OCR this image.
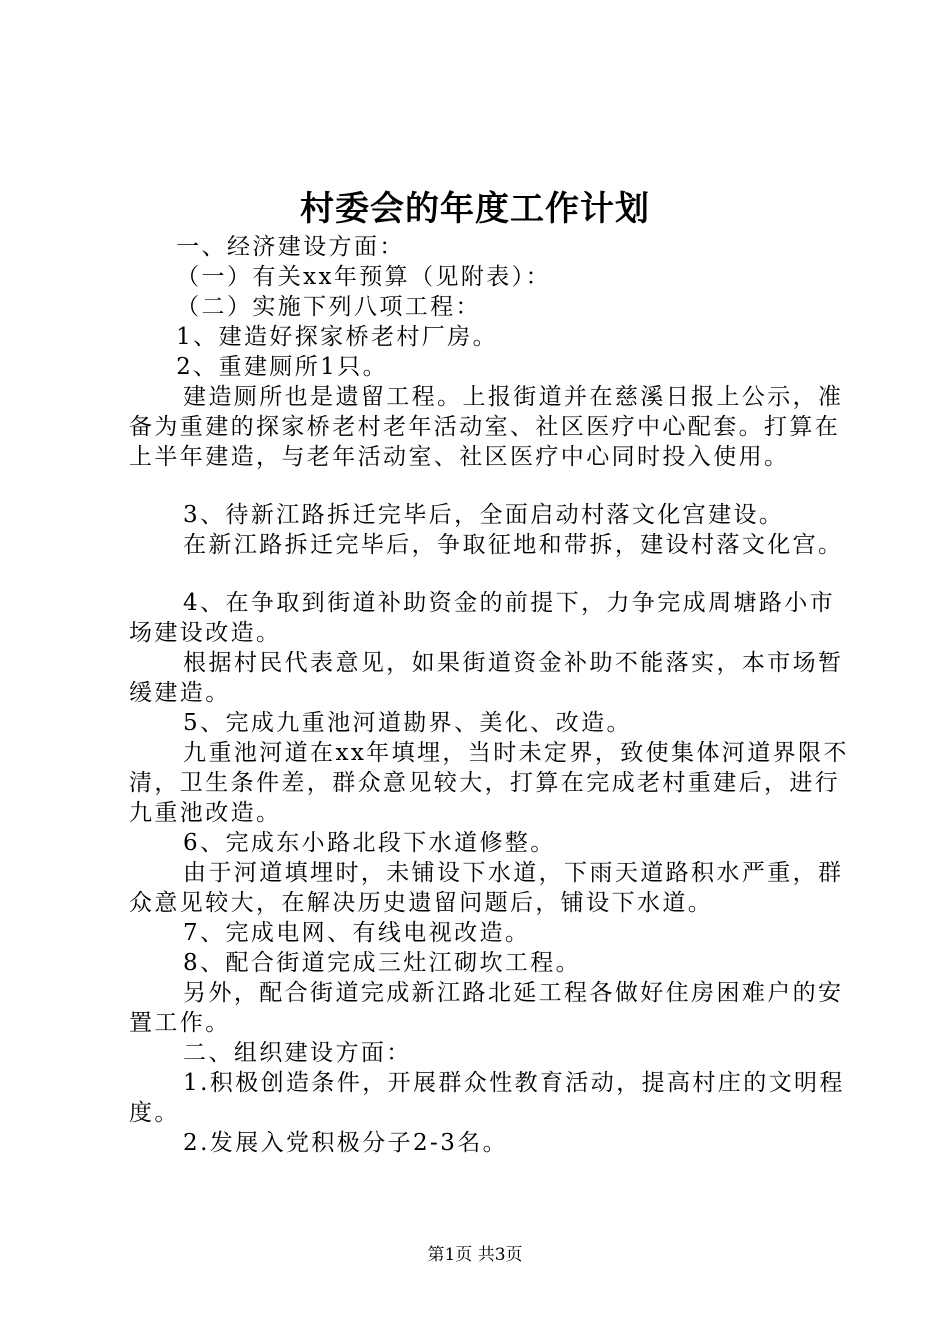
村委会的年度工作计划

一、经济建设方面：

（一）有关xx年预算（见附表）：

（二）实施下列八项工程：

1、建造好探家桥老村厂房。

2、重建厕所1只。

建造厕所也是遗留工程。上报街道并在慈溪日报上公示，准备为重建的探家桥老村老年活动室、社区医疗中心配套。打算在上半年建造，与老年活动室、社区医疗中心同时投入使用。

3、待新江路拆迁完毕后，全面启动村落文化宫建设。

在新江路拆迁完毕后，争取征地和带拆，建设村落文化宫。

4、在争取到街道补助资金的前提下，力争完成周塘路小市场建设改造。

根据村民代表意见，如果街道资金补助不能落实，本市场暂缓建造。

5、完成九重池河道勘界、美化、改造。

九重池河道在xx年填埋，当时未定界，致使集体河道界限不清，卫生条件差，群众意见较大，打算在完成老村重建后，进行九重池改造。

6、完成东小路北段下水道修整。

由于河道填埋时，未铺设下水道，下雨天道路积水严重，群众意见较大，在解决历史遗留问题后，铺设下水道。

7、完成电网、有线电视改造。

8、配合街道完成三灶江砌坎工程。

另外，配合街道完成新江路北延工程各做好住房困难户的安置工作。

二、组织建设方面：

1.积极创造条件，开展群众性教育活动，提高村庄的文明程度。

2.发展入党积极分子2-3名。

第1页 共3页
